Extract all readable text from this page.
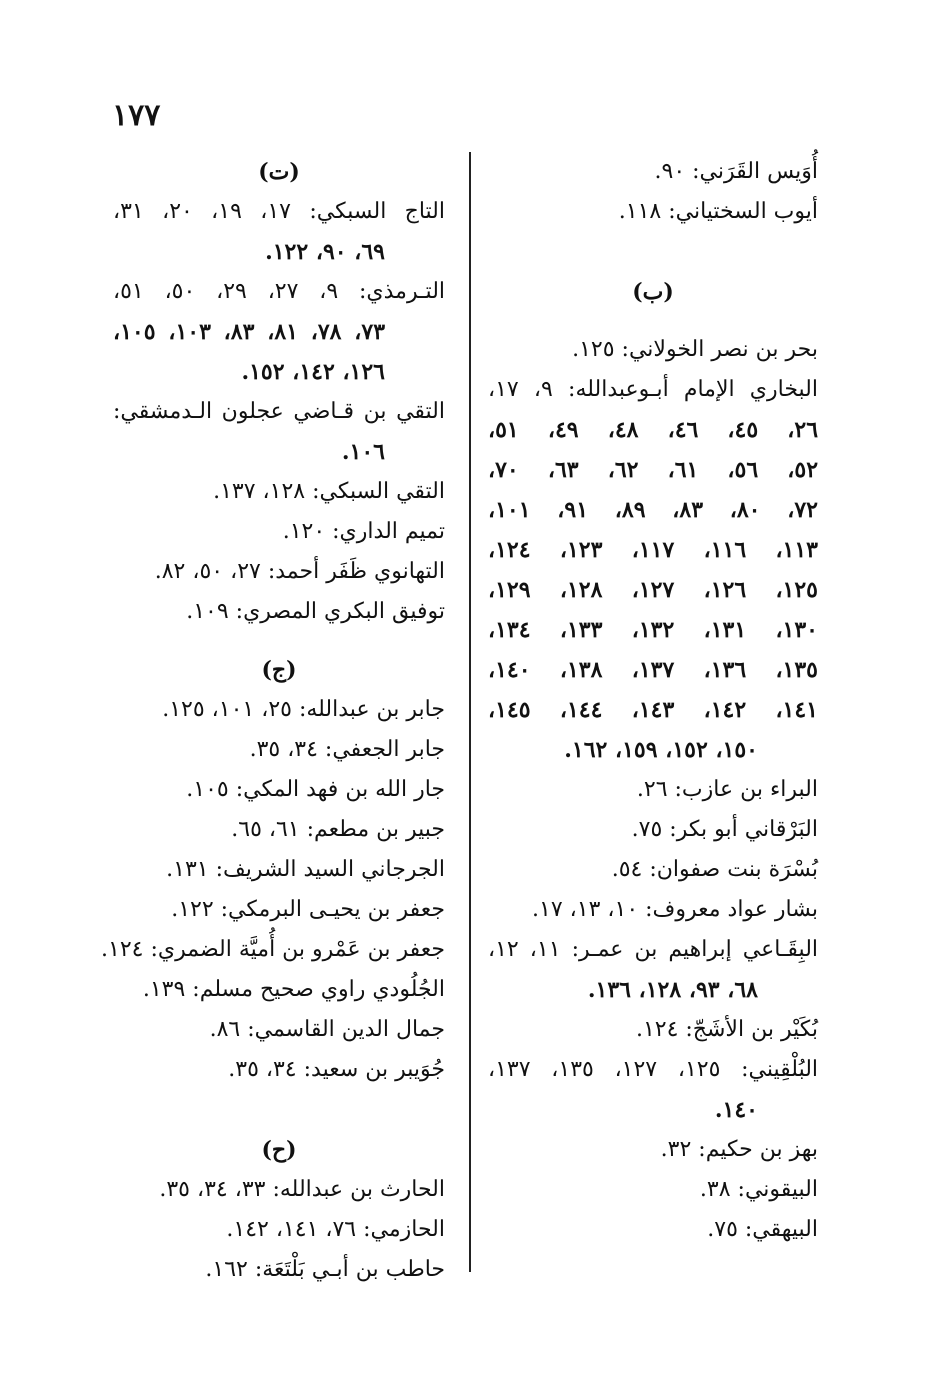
١٧٧
أُوَيس القَرَني: ٩٠.
أيوب السختياني: ١١٨.
(ب)
بحر بن نصر الخولاني: ١٢٥.
البخاري الإمام أبـوعبدالله: ٩، ١٧،
٢٦، ٤٥، ٤٦، ٤٨، ٤٩، ٥١،
٥٢، ٥٦، ٦١، ٦٢، ٦٣، ٧٠،
٧٢، ٨٠، ٨٣، ٨٩، ٩١، ١٠١،
١١٣، ١١٦، ١١٧، ١٢٣، ١٢٤،
١٢٥، ١٢٦، ١٢٧، ١٢٨، ١٢٩،
١٣٠، ١٣١، ١٣٢، ١٣٣، ١٣٤،
١٣٥، ١٣٦، ١٣٧، ١٣٨، ١٤٠،
١٤١، ١٤٢، ١٤٣، ١٤٤، ١٤٥،
١٥٠، ١٥٢، ١٥٩، ١٦٢.
البراء بن عازب: ٢٦.
البَرْقاني أبو بكر: ٧٥.
بُسْرَة بنت صفوان: ٥٤.
بشار عواد معروف: ١٠، ١٣، ١٧.
البِقَـاعي إبراهيم بن عمـر: ١١، ١٢،
٦٨، ٩٣، ١٢٨، ١٣٦.
بُكَيْر بن الأشَجّ: ١٢٤.
البُلْقِيني: ١٢٥، ١٢٧، ١٣٥، ١٣٧،
١٤٠.
بهز بن حكيم: ٣٢.
البيقوني: ٣٨.
البيهقي: ٧٥.
(ت)
التاج السبكي: ١٧، ١٩، ٢٠، ٣١،
٦٩، ٩٠، ١٢٢.
التـرمذي: ٩، ٢٧، ٢٩، ٥٠، ٥١،
٧٣، ٧٨، ٨١، ٨٣، ١٠٣، ١٠٥،
١٢٦، ١٤٢، ١٥٢.
التقي بن قـاضي عجلون الـدمشقي:
١٠٦.
التقي السبكي: ١٢٨، ١٣٧.
تميم الداري: ١٢٠.
التهانوي ظَفَر أحمد: ٢٧، ٥٠، ٨٢.
توفيق البكري المصري: ١٠٩.
(ج)
جابر بن عبدالله: ٢٥، ١٠١، ١٢٥.
جابر الجعفي: ٣٤، ٣٥.
جار الله بن فهد المكي: ١٠٥.
جبير بن مطعم: ٦١، ٦٥.
الجرجاني السيد الشريف: ١٣١.
جعفر بن يحيـى البرمكي: ١٢٢.
جعفر بن عَمْرو بن أُميَّة الضمري: ١٢٤.
الجُلُودي راوي صحيح مسلم: ١٣٩.
جمال الدين القاسمي: ٨٦.
جُوَيبر بن سعيد: ٣٤، ٣٥.
(ح)
الحارث بن عبدالله: ٣٣، ٣٤، ٣٥.
الحازمي: ٧٦، ١٤١، ١٤٢.
حاطب بن أبـي بَلْتَعَة: ١٦٢.
